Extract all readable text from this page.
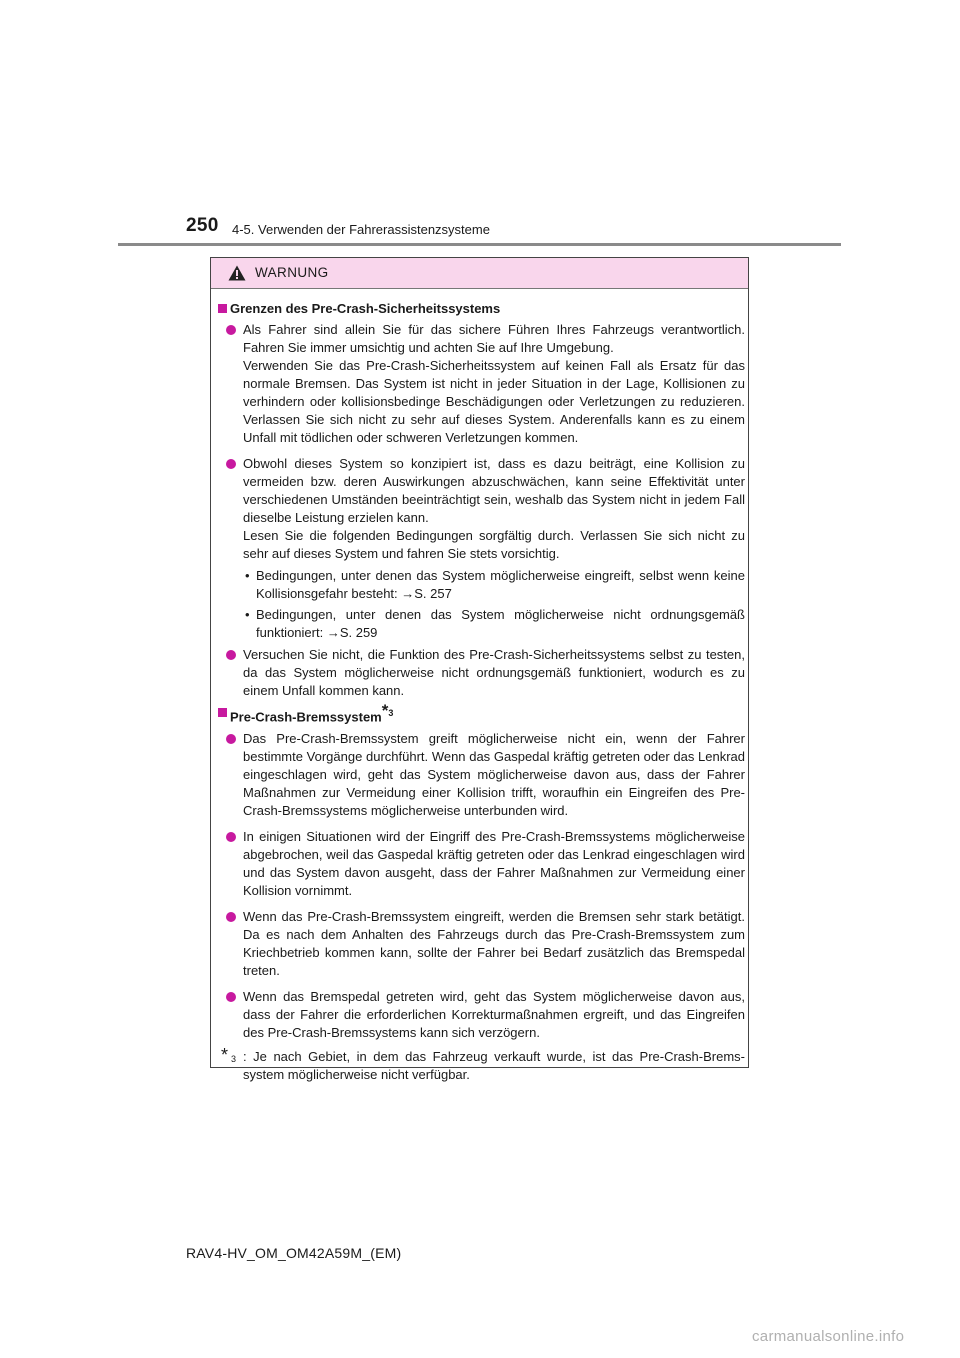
250 4-5. Verwenden der Fahrerassistenzsysteme
WARNUNG
Grenzen des Pre-Crash-Sicherheitssystems

Als Fahrer sind allein Sie für das sichere Führen Ihres Fahrzeugs verantwortlich. Fahren Sie immer umsichtig und achten Sie auf Ihre Umgebung.

Verwenden Sie das Pre-Crash-Sicherheitssystem auf keinen Fall als Ersatz für das normale Bremsen. Das System ist nicht in jeder Situation in der Lage, Kollisionen zu verhindern oder kollisionsbedinge Beschädigungen oder Verletzungen zu reduzieren. Verlassen Sie sich nicht zu sehr auf dieses System. Anderenfalls kann es zu einem Unfall mit tödlichen oder schweren Verletzungen kommen.

Obwohl dieses System so konzipiert ist, dass es dazu beiträgt, eine Kollision zu vermeiden bzw. deren Auswirkungen abzuschwächen, kann seine Effektivität unter verschiedenen Umständen beeinträchtigt sein, weshalb das System nicht in jedem Fall dieselbe Leistung erzielen kann.

Lesen Sie die folgenden Bedingungen sorgfältig durch. Verlassen Sie sich nicht zu sehr auf dieses System und fahren Sie stets vorsichtig.

• Bedingungen, unter denen das System möglicherweise eingreift, selbst wenn keine Kollisionsgefahr besteht: →S. 257
• Bedingungen, unter denen das System möglicherweise nicht ordnungsgemäß funktioniert: →S. 259
Versuchen Sie nicht, die Funktion des Pre-Crash-Sicherheitssystems selbst zu testen, da das System möglicherweise nicht ordnungsgemäß funktioniert, wodurch es zu einem Unfall kommen kann.
Pre-Crash-Bremssystem*$^3$
Das Pre-Crash-Bremssystem greift möglicherweise nicht ein, wenn der Fahrer bestimmte Vorgänge durchführt. Wenn das Gaspedal kräftig getreten oder das Lenkrad eingeschlagen wird, geht das System möglicherweise davon aus, dass der Fahrer Maßnahmen zur Vermeidung einer Kollision trifft, woraufhin ein Eingreifen des Pre-Crash-Bremssystems möglicherweise unterbunden wird.
In einigen Situationen wird der Eingriff des Pre-Crash-Bremssystems möglicherweise abgebrochen, weil das Gaspedal kräftig getreten oder das Lenkrad eingeschlagen wird und das System davon ausgeht, dass der Fahrer Maßnahmen zur Vermeidung einer Kollision vornimmt.
Wenn das Pre-Crash-Bremssystem eingreift, werden die Bremsen sehr stark betätigt. Da es nach dem Anhalten des Fahrzeugs durch das Pre-Crash-Bremssystem zum Kriechbetrieb kommen kann, sollte der Fahrer bei Bedarf zusätzlich das Bremspedal treten.
Wenn das Bremspedal getreten wird, geht das System möglicherweise davon aus, dass der Fahrer die erforderlichen Korrekturmaßnahmen ergreift, und das Eingreifen des Pre-Crash-Bremssystems kann sich verzögern.
* 3 : Je nach Gebiet, in dem das Fahrzeug verkauft wurde, ist das Pre-Crash-Bremssystem möglicherweise nicht verfügbar.
RAV4-HV_OM_OM42A59M_(EM)
carmanualsonline.info
